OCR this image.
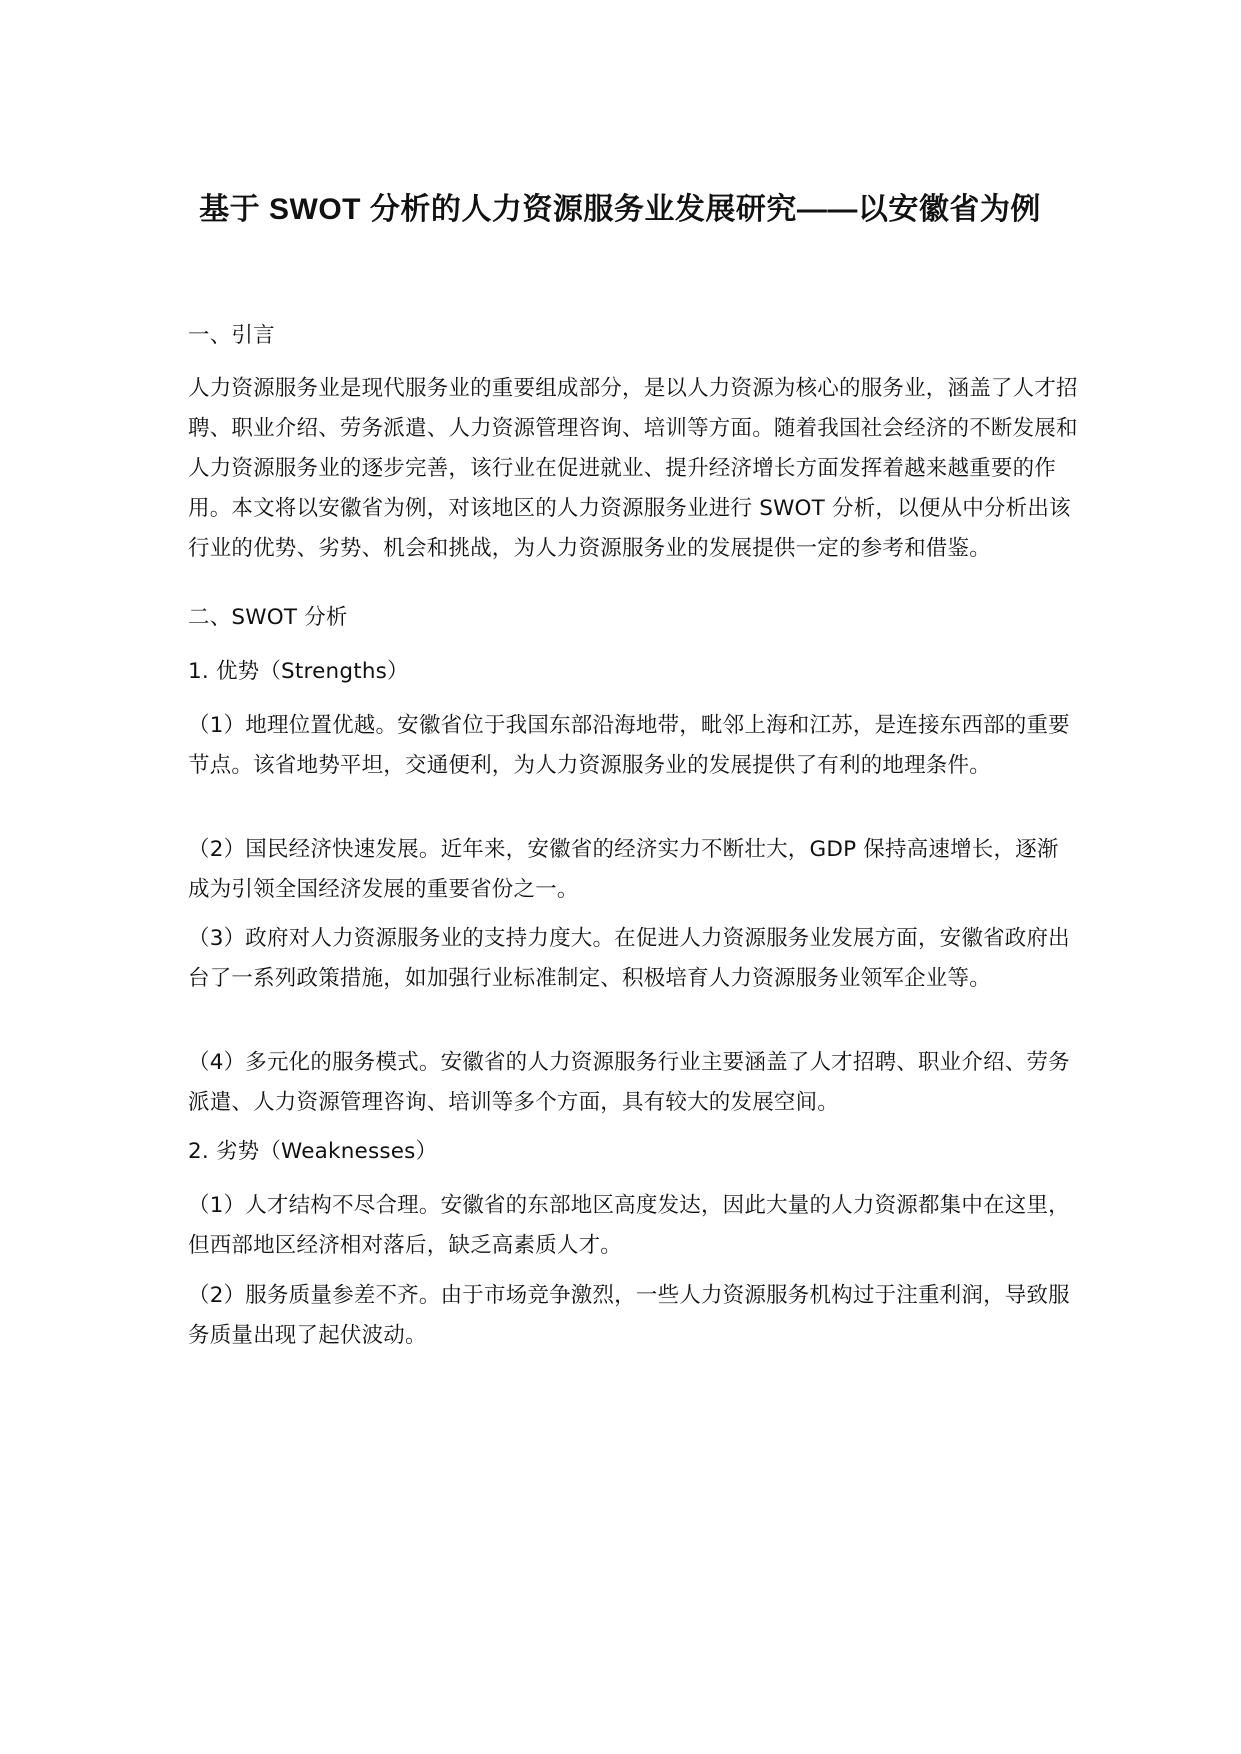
基于 SWOT 分析的人力资源服务业发展研究——以安徽省为例

一、引言

人力资源服务业是现代服务业的重要组成部分，是以人力资源为核心的服务业，涵盖了人才招聘、职业介绍、劳务派遣、人力资源管理咨询、培训等方面。随着我国社会经济的不断发展和人力资源服务业的逐步完善，该行业在促进就业、提升经济增长方面发挥着越来越重要的作用。本文将以安徽省为例，对该地区的人力资源服务业进行 SWOT 分析，以便从中分析出该行业的优势、劣势、机会和挑战，为人力资源服务业的发展提供一定的参考和借鉴。

二、SWOT 分析

1. 优势（Strengths）

（1）地理位置优越。安徽省位于我国东部沿海地带，毗邻上海和江苏，是连接东西部的重要节点。该省地势平坦，交通便利，为人力资源服务业的发展提供了有利的地理条件。

（2）国民经济快速发展。近年来，安徽省的经济实力不断壮大，GDP 保持高速增长，逐渐成为引领全国经济发展的重要省份之一。

（3）政府对人力资源服务业的支持力度大。在促进人力资源服务业发展方面，安徽省政府出台了一系列政策措施，如加强行业标准制定、积极培育人力资源服务业领军企业等。

（4）多元化的服务模式。安徽省的人力资源服务行业主要涵盖了人才招聘、职业介绍、劳务派遣、人力资源管理咨询、培训等多个方面，具有较大的发展空间。

2. 劣势（Weaknesses）

（1）人才结构不尽合理。安徽省的东部地区高度发达，因此大量的人力资源都集中在这里，但西部地区经济相对落后，缺乏高素质人才。

（2）服务质量参差不齐。由于市场竞争激烈，一些人力资源服务机构过于注重利润，导致服务质量出现了起伏波动。
